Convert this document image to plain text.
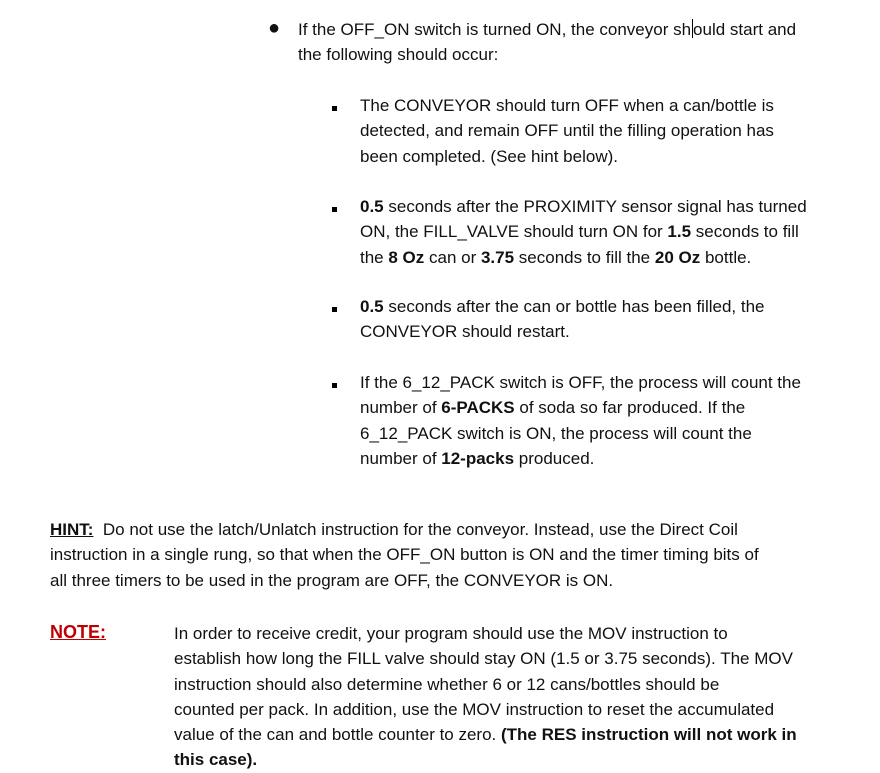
● If the OFF_ON switch is turned ON, the conveyor sh ould start and
the following should occur:
The CONVEYOR should turn OFF when a can/bottle is
detected, and remain OFF until the filling operation has
been completed. (See hint below).
0.5 seconds after the PROXIMITY sensor signal has turned
ON, the FILL_VALVE should turn ON for 1.5 seconds to fill
the 8 Oz can or 3.75 seconds to fill the 20 Oz bottle.
0.5 seconds after the can or bottle has been filled, the
CONVEYOR should restart.
If the 6_12_PACK switch is OFF, the process will count the
number of 6-PACKS of soda so far produced. If the
6_12_PACK switch is ON, the process will count the
number of 12-packs produced.
HINT:  Do not use the latch/Unlatch instruction for the conveyor. Instead, use the Direct Coil
instruction in a single rung, so that when the OFF_ON button is ON and the timer timing bits of
all three timers to be used in the program are OFF, the CONVEYOR is ON.
NOTE:	In order to receive credit, your program should use the MOV instruction to
establish how long the FILL valve should stay ON (1.5 or 3.75 seconds). The MOV
instruction should also determine whether 6 or 12 cans/bottles should be
counted per pack. In addition, use the MOV instruction to reset the accumulated
value of the can and bottle counter to zero. (The RES instruction will not work in
this case).
